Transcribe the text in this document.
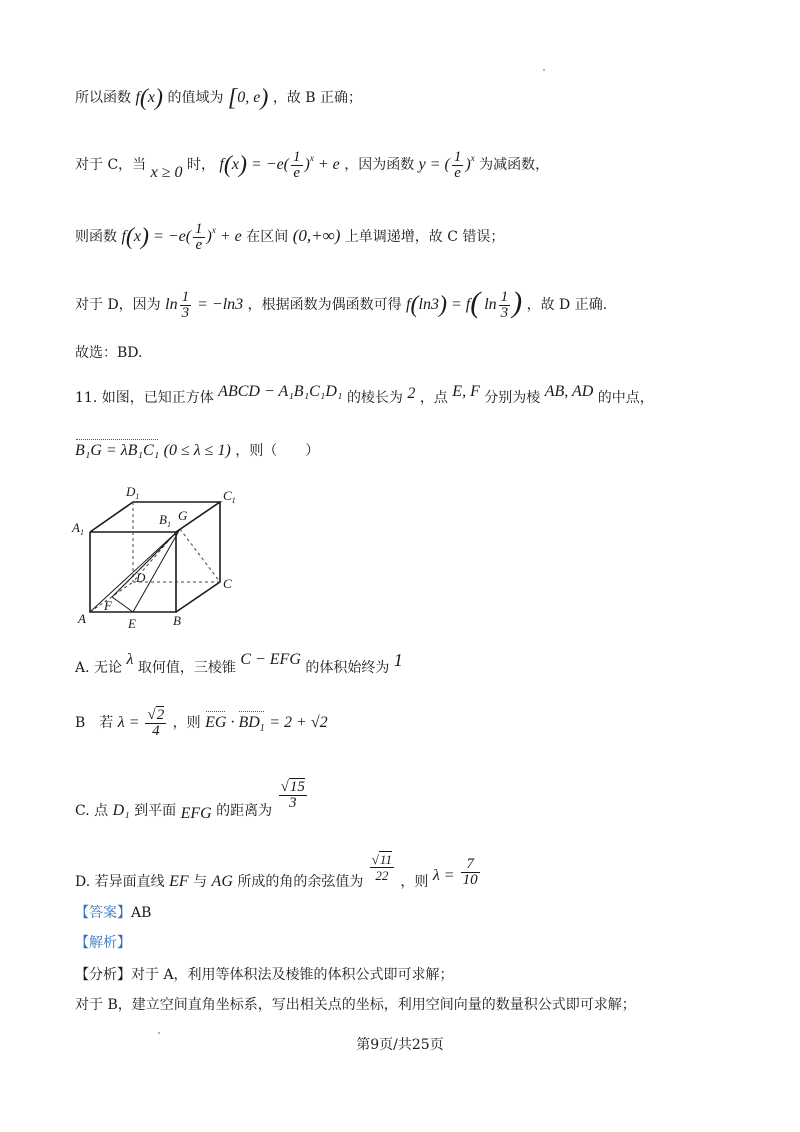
所以函数 f(x) 的值域为 [0, e) ，故 B 正确；
对于 C，当 x ≥ 0 时， $f(x) = -e( \frac{1}{e} )^x + e$ ，因为函数 y = ( $\frac{1}{e} )^x$ 为减函数，
则函数 $f(x) = -e( \frac{1}{e} )^x + e$ 在区间 (0,+∞) 上单调递增，故 C 错误；
对于 D，因为 $\ln \frac{1}{3} = -\ln 3$ ，根据函数为偶函数可得 f(ln3) = f( $\ln \frac{1}{3}$ ) ，故 D 正确.
故选：BD.
11. 如图，已知正方体 ABCD − A₁B₁C₁D₁ 的棱长为 2 ，点 E, F 分别为棱 AB, AD 的中点，
B₁G = λB₁C₁ (0 ≤ λ ≤ 1) ，则（　　）
$D_1$	$C_1$
$A_1$
$B_1$
G
D	C
A
F
E	B
A. 无论 λ 取何值，三棱锥 C − EFG 的体积始终为 1
B　若 $\lambda = \frac{√2}{4}$ ，则 EG · $BD_1 = 2 + √2$
C. 点 D₁ 到平面 EFG 的距离为 $\frac{√15}{3}$
D. 若异面直线 EF 与 AG 所成的角的余弦值为 $\frac{√11}{22}$ ，则 $\lambda = \frac{7}{10}$
【答案】AB
【解析】
【分析】对于 A，利用等体积法及棱锥的体积公式即可求解；
对于 B，建立空间直角坐标系，写出相关点的坐标，利用空间向量的数量积公式即可求解；
第9页/共25页
